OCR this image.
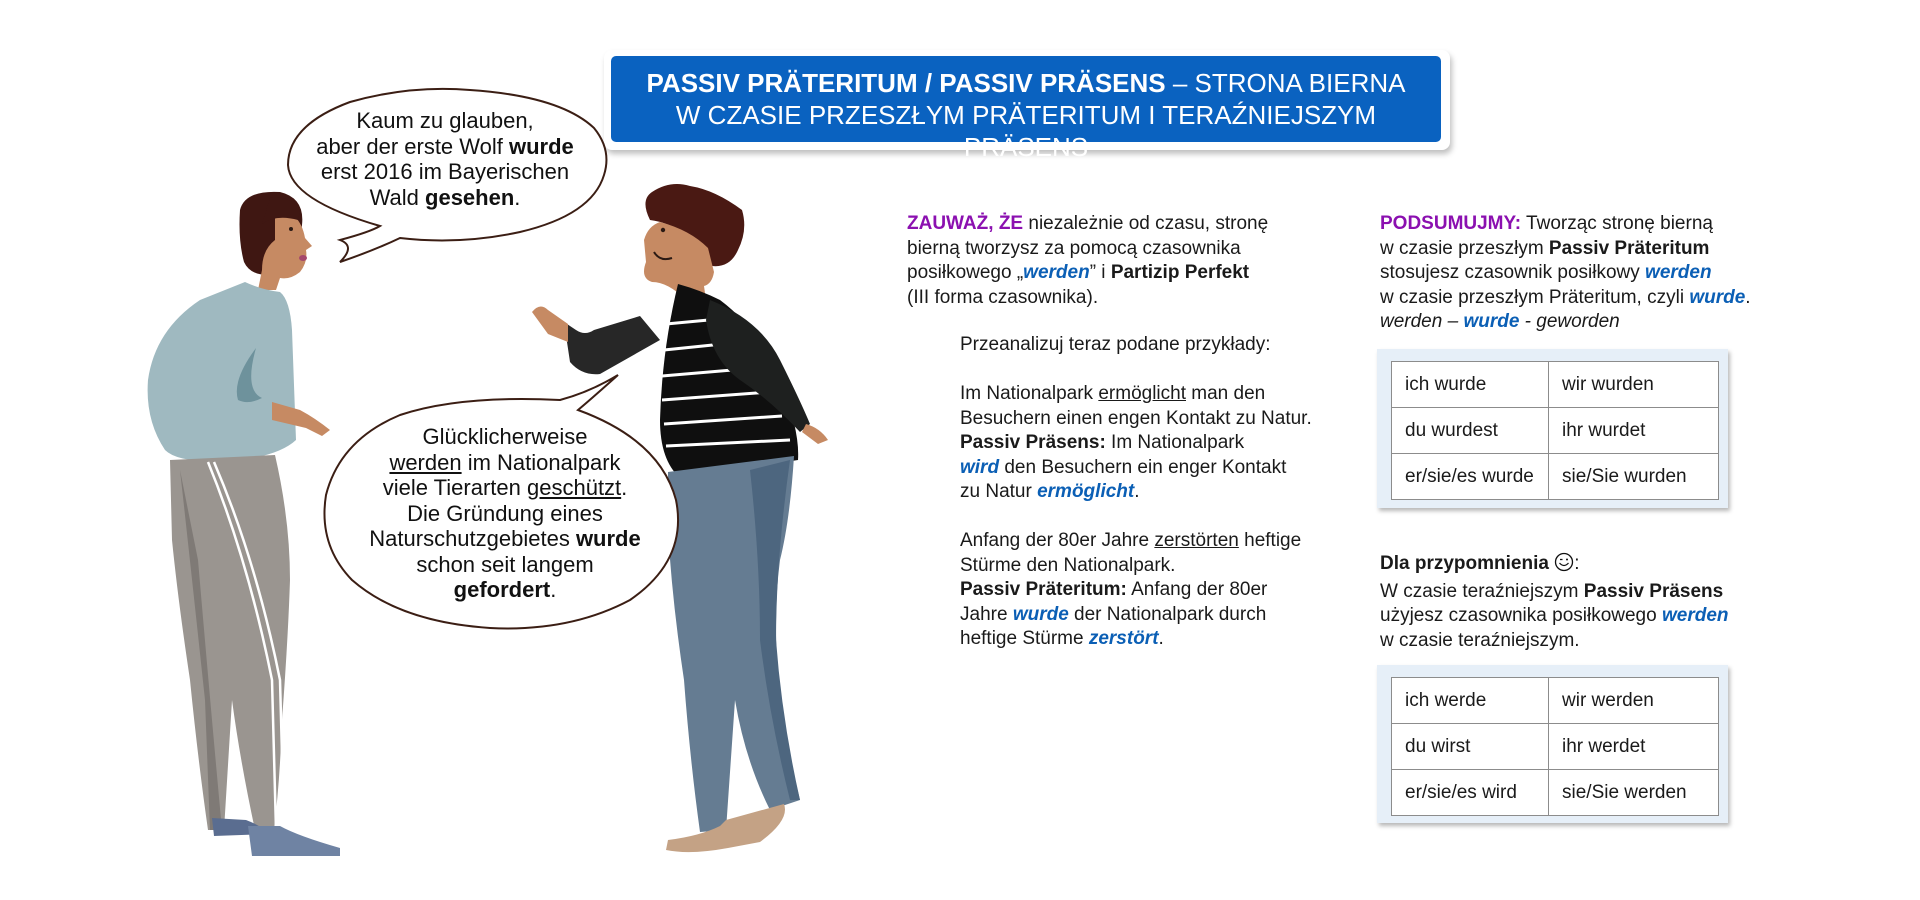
PASSIV PRÄTERITUM / PASSIV PRÄSENS – STRONA BIERNA
W CZASIE PRZESZŁYM PRÄTERITUM I TERAŹNIEJSZYM PRÄSENS
Kaum zu glauben,
aber der erste Wolf wurde
erst 2016 im Bayerischen
Wald gesehen.
Glücklicherweise
werden im Nationalpark
viele Tierarten geschützt.
Die Gründung eines
Naturschutzgebietes wurde
schon seit langem
gefordert.
ZAUWAŻ, ŻE niezależnie od czasu, stronę
bierną tworzysz za pomocą czasownika
posiłkowego „werden” i Partizip Perfekt
(III forma czasownika).
Przeanalizuj teraz podane przykłady:
Im Nationalpark ermöglicht man den
Besuchern einen engen Kontakt zu Natur.
Passiv Präsens: Im Nationalpark
wird den Besuchern ein enger Kontakt
zu Natur ermöglicht.
Anfang der 80er Jahre zerstörten heftige
Stürme den Nationalpark.
Passiv Präteritum: Anfang der 80er
Jahre wurde der Nationalpark durch
heftige Stürme zerstört.
PODSUMUJMY: Tworząc stronę bierną
w czasie przeszłym Passiv Präteritum
stosujesz czasownik posiłkowy werden
w czasie przeszłym Präteritum, czyli wurde.
werden – wurde - geworden
ich wurde	wir wurden
du wurdest	ihr wurdet
er/sie/es wurde	sie/Sie wurden
Dla przypomnienia :
W czasie teraźniejszym Passiv Präsens
użyjesz czasownika posiłkowego werden
w czasie teraźniejszym.
ich werde	wir werden
du wirst	ihr werdet
er/sie/es wird	sie/Sie werden
